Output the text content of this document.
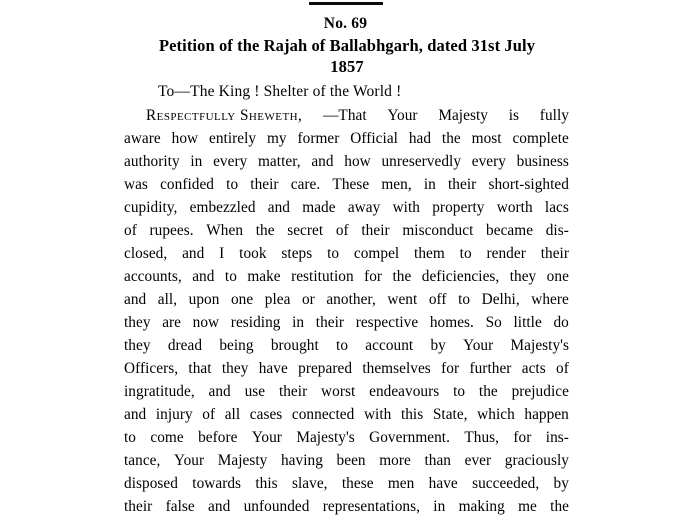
No. 69
Petition of the Rajah of Ballabhgarh, dated 31st July
1857
To—The King ! Shelter of the World !
Respectfully Sheweth, —That Your Majesty is fully
aware how entirely my former Official had the most complete
authority in every matter, and how unreservedly every business
was confided to their care. These men, in their short-sighted
cupidity, embezzled and made away with property worth lacs
of rupees. When the secret of their misconduct became dis-
closed, and I took steps to compel them to render their
accounts, and to make restitution for the deficiencies, they one
and all, upon one plea or another, went off to Delhi, where
they are now residing in their respective homes. So little do
they dread being brought to account by Your Majesty's
Officers, that they have prepared themselves for further acts of
ingratitude, and use their worst endeavours to the prejudice
and injury of all cases connected with this State, which happen
to come before Your Majesty's Government. Thus, for ins-
tance, Your Majesty having been more than ever graciously
disposed towards this slave, these men have succeeded, by
their false and unfounded representations, in making me the
